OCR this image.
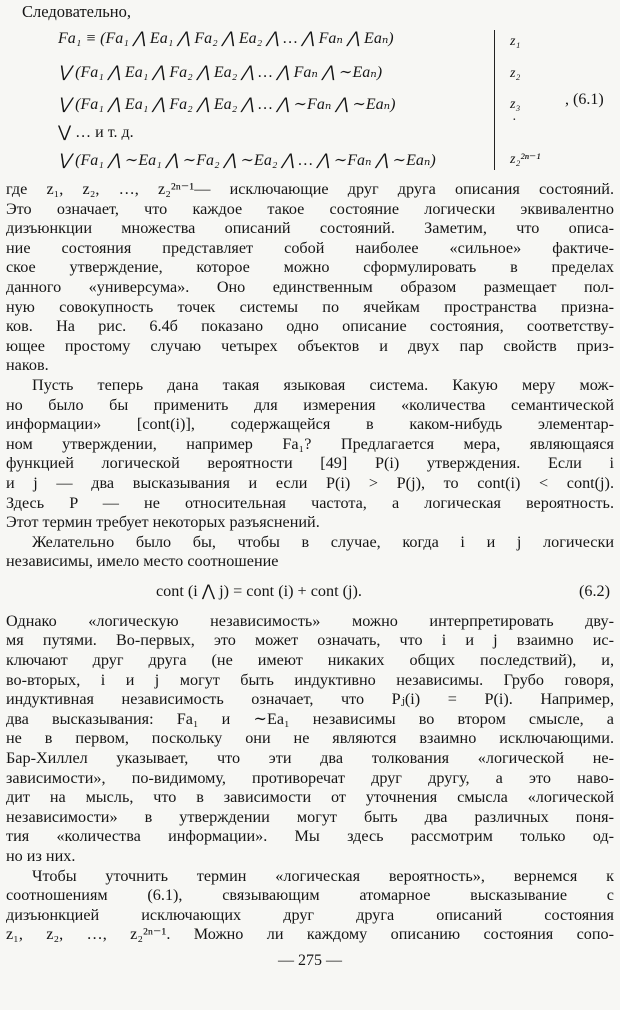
Следовательно,
Fa₁ ≡ (Fa₁ ⋀ Ea₁ ⋀ Fa₂ ⋀ Ea₂ ⋀ … ⋀ Faₙ ⋀ Eaₙ)
⋁ (Fa₁ ⋀ Ea₁ ⋀ Fa₂ ⋀ Ea₂ ⋀ … ⋀ Faₙ ⋀ ∼Eaₙ)
⋁ (Fa₁ ⋀ Ea₁ ⋀ Fa₂ ⋀ Ea₂ ⋀ … ⋀ ∼Faₙ ⋀ ∼Eaₙ)
⋁ … и т. д.
⋁ (Fa₁ ⋀ ∼Ea₁ ⋀ ∼Fa₂ ⋀ ∼Ea₂ ⋀ … ⋀ ∼Faₙ ⋀ ∼Eaₙ)
z₁
z₂
z₃
·
z₂²ⁿ⁻¹
, (6.1)

где z₁, z₂, …, z₂²ⁿ⁻¹— исключающие друг друга описания состояний.

Это означает, что каждое такое состояние логически эквивалентно

дизъюнкции множества описаний состояний. Заметим, что описа-

ние состояния представляет собой наиболее «сильное» фактиче-

ское утверждение, которое можно сформулировать в пределах

данного «универсума». Оно единственным образом размещает пол-

ную совокупность точек системы по ячейкам пространства призна-

ков. На рис. 6.4б показано одно описание состояния, соответству-

ющее простому случаю четырех объектов и двух пар свойств приз-

наков.

Пусть теперь дана такая языковая система. Какую меру мож-

но было бы применить для измерения «количества семантической

информации» [cont(i)], содержащейся в каком-нибудь элементар-

ном утверждении, например Fa₁? Предлагается мера, являющаяся

функцией логической вероятности [49] P(i) утверждения. Если i

и j — два высказывания и если P(i) > P(j), то cont(i) < cont(j).

Здесь P — не относительная частота, а логическая вероятность.

Этот термин требует некоторых разъяснений.

Желательно было бы, чтобы в случае, когда i и j логически

независимы, имело место соотношение

cont (i ⋀ j) = cont (i) + cont (j).	(6.2)

Однако «логическую независимость» можно интерпретировать дву-

мя путями. Во-первых, это может означать, что i и j взаимно ис-

ключают друг друга (не имеют никаких общих последствий), и,

во-вторых, i и j могут быть индуктивно независимы. Грубо говоря,

индуктивная независимость означает, что Pⱼ(i) = P(i). Например,

два высказывания: Fa₁ и ∼Ea₁ независимы во втором смысле, а

не в первом, поскольку они не являются взаимно исключающими.

Бар-Хиллел указывает, что эти два толкования «логической не-

зависимости», по-видимому, противоречат друг другу, а это наво-

дит на мысль, что в зависимости от уточнения смысла «логической

независимости» в утверждении могут быть два различных поня-

тия «количества информации». Мы здесь рассмотрим только од-

но из них.

Чтобы уточнить термин «логическая вероятность», вернемся к

соотношениям (6.1), связывающим атомарное высказывание с

дизъюнкцией исключающих друг друга описаний состояния

z₁, z₂, …, z₂²ⁿ⁻¹. Можно ли каждому описанию состояния сопо-

— 275 —
